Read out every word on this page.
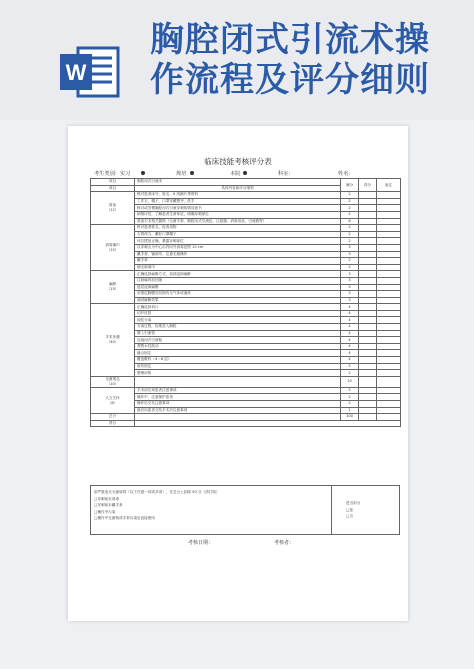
W
胸腔闭式引流术操
作流程及评分细则
临床技能考核评分表
考生类别：实习	规培	本院	科室：	姓名：
项目	胸腔闭式引流术	满分	得分	备注
项目	具体内容和评分细则			

准备
（12）	核对患者床号、姓名、X 线胸片等资料	2		
	工作衣、帽子、口罩穿戴整齐，洗手	2		
	核对或签署胸腔闭式引流穿刺知情同意书	2		
	病情评估，了解患者生命体征，明确穿刺部位	2		
	准备手术相关器物（无菌手套、胸腔闭式引流包、注射器、消毒用品、引流瓶等）	6		

消毒铺巾
（15）	核对患者姓名，检查用物	2		
	衣着得当，戴好口罩帽子	2		
	体位摆放正确，暴露穿刺部位	2		
	以穿刺点为中心由内向外消毒范围 15 cm	3		
	戴手套，铺洞巾，注意无菌操作	3		
	戴手套	2		
	铺无菌洞巾	2		

麻醉
（15）	正确选择麻醉方式，局部浸润麻醉	3		
	注射麻药前回抽	3		
	逐层浸润麻醉	3		
	至壁层胸膜后回抽有无气体或液体	3		
	测试麻醉效果	3		

手术步骤
（40）	正确选择切口	4		
	切开皮肤	4		
	钝性分离	4		
	分离过程，轻柔进入胸腔	4		
	置入引流管	4		
	连接闭式引流瓶	4		
	观察水柱波动	4		
	缝合固定	4		
	覆盖敷料（4～6 层）	4		
	胶布固定	2		
	整理用物	2		

无菌观念
（10）		10		

人文关怀
（8）	手术前告知患者注意事项	2		
	操作中，注意保护患者	2		
	操作后交代注意事项	2		
	最后向患者交待手术后注意事项	2		
总分		100		
得分				
如严重违反无菌原则（以下任意一项或多项），在总分上扣除 50 分（请打钩）
□穿刺前未消毒
□穿刺前未戴手套
□操作中污染
□操作中无菌物或手套污染后直接使用
是否扣分
□是
□否
考核日期：	考核者：
